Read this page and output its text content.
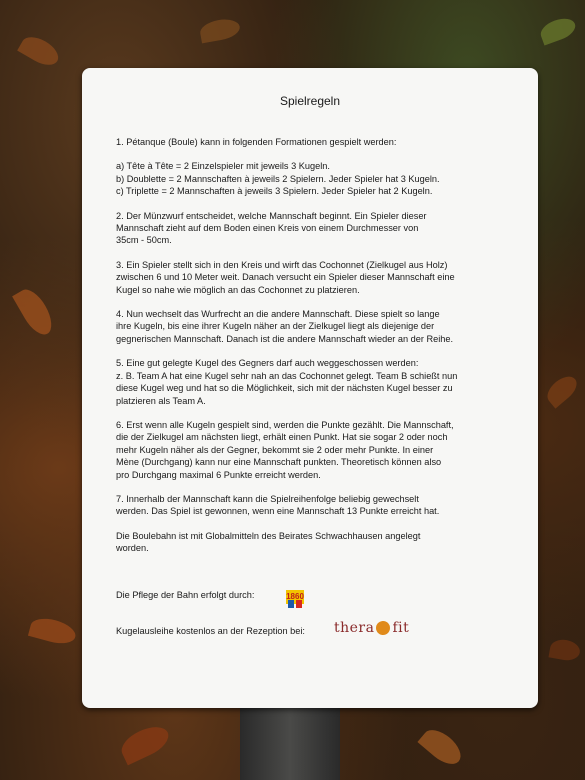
Spielregeln

1. Pétanque (Boule) kann in folgenden Formationen gespielt werden:

a) Tête à Tête = 2 Einzelspieler mit jeweils 3 Kugeln.
b) Doublette = 2 Mannschaften à jeweils 2 Spielern. Jeder Spieler hat 3 Kugeln.
c) Triplette = 2 Mannschaften à jeweils 3 Spielern. Jeder Spieler hat 2 Kugeln.

2. Der Münzwurf entscheidet, welche Mannschaft beginnt. Ein Spieler dieser
Mannschaft zieht auf dem Boden einen Kreis von einem Durchmesser von
35cm - 50cm.

3. Ein Spieler stellt sich in den Kreis und wirft das Cochonnet (Zielkugel aus Holz)
zwischen 6 und 10 Meter weit. Danach versucht ein Spieler dieser Mannschaft eine
Kugel so nahe wie möglich an das Cochonnet zu platzieren.

4. Nun wechselt das Wurfrecht an die andere Mannschaft. Diese spielt so lange
ihre Kugeln, bis eine ihrer Kugeln näher an der Zielkugel liegt als diejenige der
gegnerischen Mannschaft. Danach ist die andere Mannschaft wieder an der Reihe.

5. Eine gut gelegte Kugel des Gegners darf auch weggeschossen werden:
z. B. Team A hat eine Kugel sehr nah an das Cochonnet gelegt. Team B schießt nun
diese Kugel weg und hat so die Möglichkeit, sich mit der nächsten Kugel besser zu
platzieren als Team A.

6. Erst wenn alle Kugeln gespielt sind, werden die Punkte gezählt. Die Mannschaft,
die der Zielkugel am nächsten liegt, erhält einen Punkt. Hat sie sogar 2 oder noch
mehr Kugeln näher als der Gegner, bekommt sie 2 oder mehr Punkte. In einer
Mène (Durchgang) kann nur eine Mannschaft punkten. Theoretisch können also
pro Durchgang maximal 6 Punkte erreicht werden.

7. Innerhalb der Mannschaft kann die Spielreihenfolge beliebig gewechselt
werden. Das Spiel ist gewonnen, wenn eine Mannschaft 13 Punkte erreicht hat.

Die Boulebahn ist mit Globalmitteln des Beirates Schwachhausen angelegt
worden.

Die Pflege der Bahn erfolgt durch:	1860
Kugelausleihe kostenlos an der Rezeption bei: thera fit
